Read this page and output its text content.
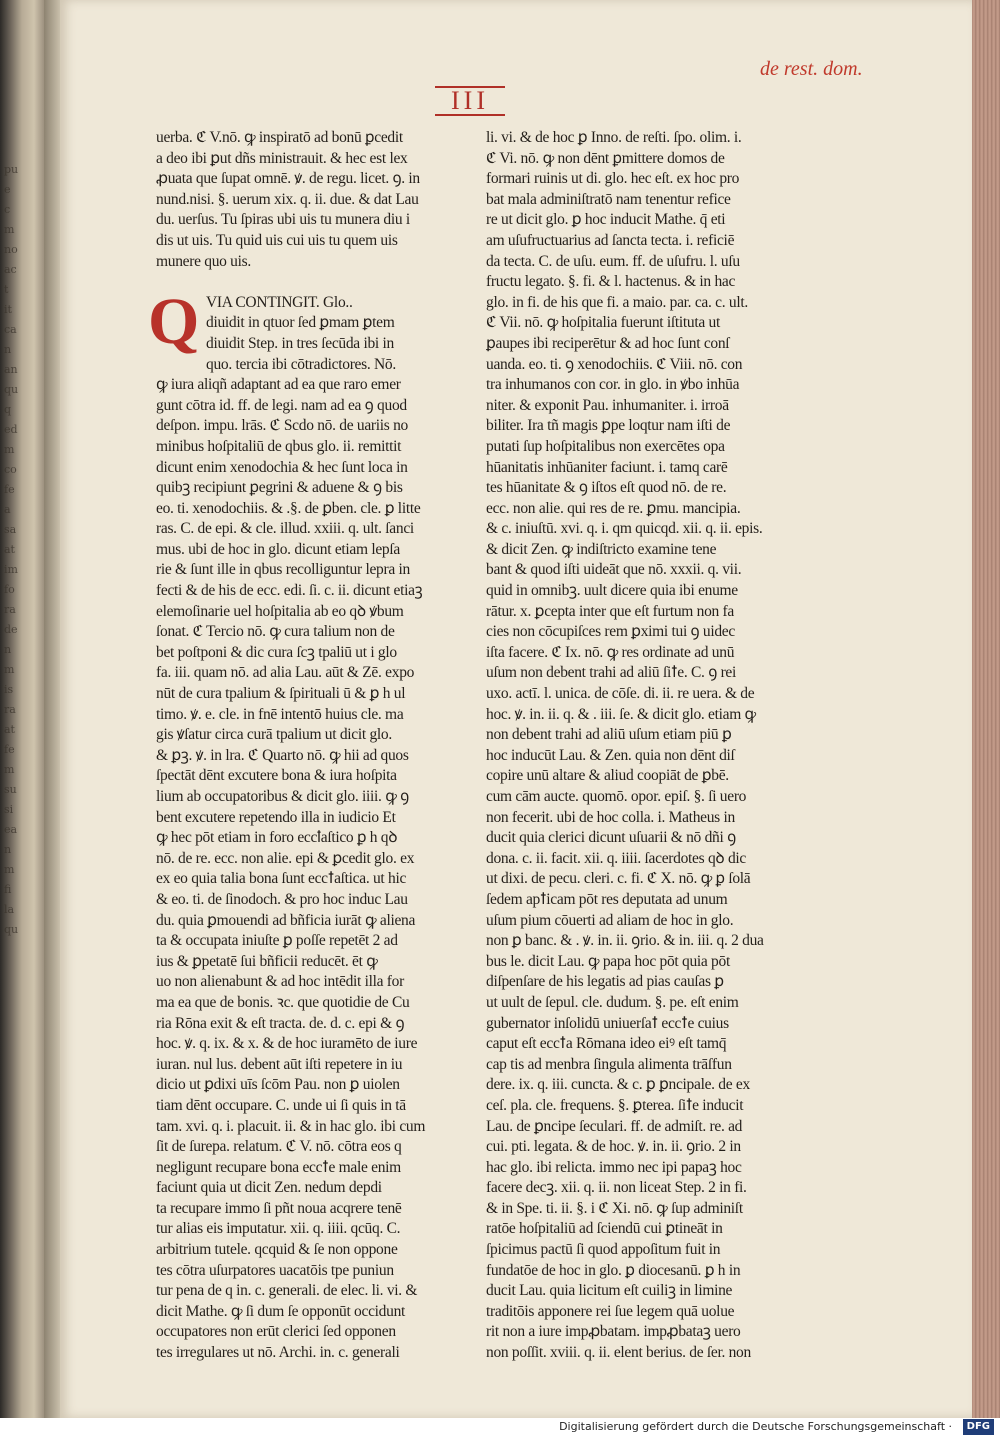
pu
e
c
m
no
ac
t
it
ca
n
an
qu
q
ed
m
co
fe
a
sa
at
im
fo
ra
de
n
m
is
ra
at
fe
m
su
si
ea
n
m
fi
la
qu
III
de rest. dom.
uerba. ℭ V.nō. ꝙ inspiratō ad bonū ꝑcedit
a deo ibi ꝑut dñs ministrauit. & hec est lex
ꝓuata que ſupat omnē. ꝟ. de regu. licet. ꝯ. in
nund.nisi. §. uerum xix. q. ii. due. & dat Lau
du. uerſus. Tu ſpiras ubi uis tu munera diu i
dis ut uis. Tu quid uis cui uis tu quem uis
munere quo uis.
Q VIA CONTINGIT. Glo..
diuidit in qtuor ſed ꝑmam ꝑtem
diuidit Step. in tres ſecūda ibi in
quo. tercia ibi cōtradictores. Nō.
ꝙ iura aliqñ adaptant ad ea que raro emer
gunt cōtra id. ff. de legi. nam ad ea ꝯ quod
deſpon. impu. lrās. ℭ Scdo nō. de uariis no
minibus hoſpitaliū de qbus glo. ii. remittit
dicunt enim xenodochia & hec ſunt loca in
quibꝫ recipiunt ꝑegrini & aduene & ꝯ bis
eo. ti. xenodochiis. & .§. de ꝑben. cle. ꝑ litte
ras. C. de epi. & cle. illud. xxiii. q. ult. ſanci
mus. ubi de hoc in glo. dicunt etiam lepſa
rie & ſunt ille in qbus recolliguntur lepra in
fecti & de his de ecc. edi. ſi. c. ii. dicunt etiaꝫ
elemoſinarie uel hoſpitalia ab eo qꝺ ꝟbum
ſonat. ℭ Tercio nō. ꝙ cura talium non de
bet poſtponi & dic cura ſcꝫ tpaliū ut i glo
fa. iii. quam nō. ad alia Lau. aūt & Zē. expo
nūt de cura tpalium & ſpirituali ū & ꝑ h ul
timo. ꝟ. e. cle. in fnē intentō huius cle. ma
gis ꝟſatur circa curā tpalium ut dicit glo.
& ꝑꝫ. ꝟ. in lra. ℭ Quarto nō. ꝙ hii ad quos
ſpectāt dēnt excutere bona & iura hoſpita
lium ab occupatoribus & dicit glo. iiii. ꝙ ꝯ
bent excutere repetendo illa in iudicio Et
ꝙ hec pōt etiam in foro eccꝉaſtico ꝑ h qꝺ
nō. de re. ecc. non alie. epi & ꝑcedit glo. ex
ex eo quia talia bona ſunt eccꝉaſtica. ut hic
& eo. ti. de ſinodoch. & pro hoc induc Lau
du. quia ꝑmouendi ad bñficia iurāt ꝙ aliena
ta & occupata iniuſte ꝑ poſſe repetēt 2 ad
ius & ꝑpetatē ſui bñficii reducēt. ēt ꝙ
uo non alienabunt & ad hoc intēdit illa for
ma ea que de bonis. ꝛc. que quotidie de Cu
ria Rōna exit & eſt tracta. de. d. c. epi & ꝯ
hoc. ꝟ. q. ix. & x. & de hoc iuramēto de iure
iuran. nul lus. debent aūt iſti repetere in iu
dicio ut ꝑdixi uīs ſcōm Pau. non ꝑ uiolen
tiam dēnt occupare. C. unde ui ſi quis in tā
tam. xvi. q. i. placuit. ii. & in hac glo. ibi cum
ſit de ſurepa. relatum. ℭ V. nō. cōtra eos q
negligunt recupare bona eccꝉe male enim
faciunt quia ut dicit Zen. nedum depdi
ta recupare immo ſi pñt noua acqrere tenē
tur alias eis imputatur. xii. q. iiii. qcūq. C.
arbitrium tutele. qcquid & ſe non oppone
tes cōtra uſurpatores uacatōis tpe puniun
tur pena de q in. c. generali. de elec. li. vi. &
dicit Mathe. ꝙ ſi dum ſe opponūt occidunt
occupatores non erūt clerici ſed opponen
tes irregulares ut nō. Archi. in. c. generali
li. vi. & de hoc ꝑ Inno. de reſti. ſpo. olim. i.
ℭ Vi. nō. ꝙ non dēnt ꝑmittere domos de
formari ruinis ut di. glo. hec eſt. ex hoc pro
bat mala adminiſtratō nam tenentur refice
re ut dicit glo. ꝑ hoc inducit Mathe. q̄ eti
am uſufructuarius ad ſancta tecta. i. reficiē
da tecta. C. de uſu. eum. ff. de uſufru. l. uſu
fructu legato. §. fi. & l. hactenus. & in hac
glo. in fi. de his que fi. a maio. par. ca. c. ult.
ℭ Vii. nō. ꝙ hoſpitalia fuerunt iſtituta ut
ꝑaupes ibi reciperētur & ad hoc ſunt conſ
uanda. eo. ti. ꝯ xenodochiis. ℭ Viii. nō. con
tra inhumanos con cor. in glo. in ꝟbo inhūa
niter. & exponit Pau. inhumaniter. i. irroā
biliter. Ira tñ magis ꝑpe loqtur nam iſti de
putati ſup hoſpitalibus non exercētes opa
hūanitatis inhūaniter faciunt. i. tamq carē
tes hūanitate & ꝯ iſtos eſt quod nō. de re.
ecc. non alie. qui res de re. ꝑmu. mancipia.
& c. iniuſtū. xvi. q. i. qm quicqd. xii. q. ii. epis.
& dicit Zen. ꝙ indiſtricto examine tene
bant & quod iſti uideāt que nō. xxxii. q. vii.
quid in omnibꝫ. uult dicere quia ibi enume
rātur. x. ꝑcepta inter que eſt furtum non fa
cies non cōcupiſces rem ꝑximi tui ꝯ uidec
iſta facere. ℭ Ix. nō. ꝙ res ordinate ad unū
uſum non debent trahi ad aliū ſiꝉe. C. ꝯ rei
uxo. actī. l. unica. de cōſe. di. ii. re uera. & de
hoc. ꝟ. in. ii. q. & . iii. ſe. & dicit glo. etiam ꝙ
non debent trahi ad aliū uſum etiam piū ꝑ
hoc inducūt Lau. & Zen. quia non dēnt diſ
copire unū altare & aliud coopiāt de ꝑbē.
cum cām aucte. quomō. opor. epiſ. §. ſi uero
non fecerit. ubi de hoc colla. i. Matheus in
ducit quia clerici dicunt uſuarii & nō dñi ꝯ
dona. c. ii. facit. xii. q. iiii. ſacerdotes qꝺ dic
ut dixi. de pecu. cleri. c. fi. ℭ X. nō. ꝙ ꝑ ſolā
ſedem apꝉicam pōt res deputata ad unum
uſum pium cōuerti ad aliam de hoc in glo.
non ꝑ banc. & . ꝟ. in. ii. ꝯrio. & in. iii. q. 2 dua
bus le. dicit Lau. ꝙ papa hoc pōt quia pōt
diſpenſare de his legatis ad pias cauſas ꝑ
ut uult de ſepul. cle. dudum. §. pe. eſt enim
gubernator inſolidū uniuerſaꝉ eccꝉe cuius
caput eſt eccꝉa Rōmana ideo eiꝰ eſt tamq̄
cap tis ad menbra ſingula alimenta trāſfun
dere. ix. q. iii. cuncta. & c. ꝑ ꝑncipale. de ex
ceſ. pla. cle. frequens. §. ꝑterea. ſiꝉe inducit
Lau. de ꝑncipe ſeculari. ff. de admiſt. re. ad
cui. pti. legata. & de hoc. ꝟ. in. ii. ꝯrio. 2 in
hac glo. ibi relicta. immo nec ipi papaꝫ hoc
facere decꝫ. xii. q. ii. non liceat Step. 2 in fi.
& in Spe. ti. ii. §. i ℭ Xi. nō. ꝙ ſup adminiſt
ratōe hoſpitaliū ad ſciendū cui ꝑtineāt in
ſpicimus pactū ſi quod appoſitum fuit in
fundatōe de hoc in glo. ꝑ diocesanū. ꝑ h in
ducit Lau. quia licitum eſt cuiliꝫ in limine
traditōis apponere rei ſue legem quā uolue
rit non a iure impꝓbatam. impꝓbataꝫ uero
non poſſit. xviii. q. ii. elent berius. de ſer. non
Digitalisierung gefördert durch die Deutsche Forschungsgemeinschaft ·	DFG
